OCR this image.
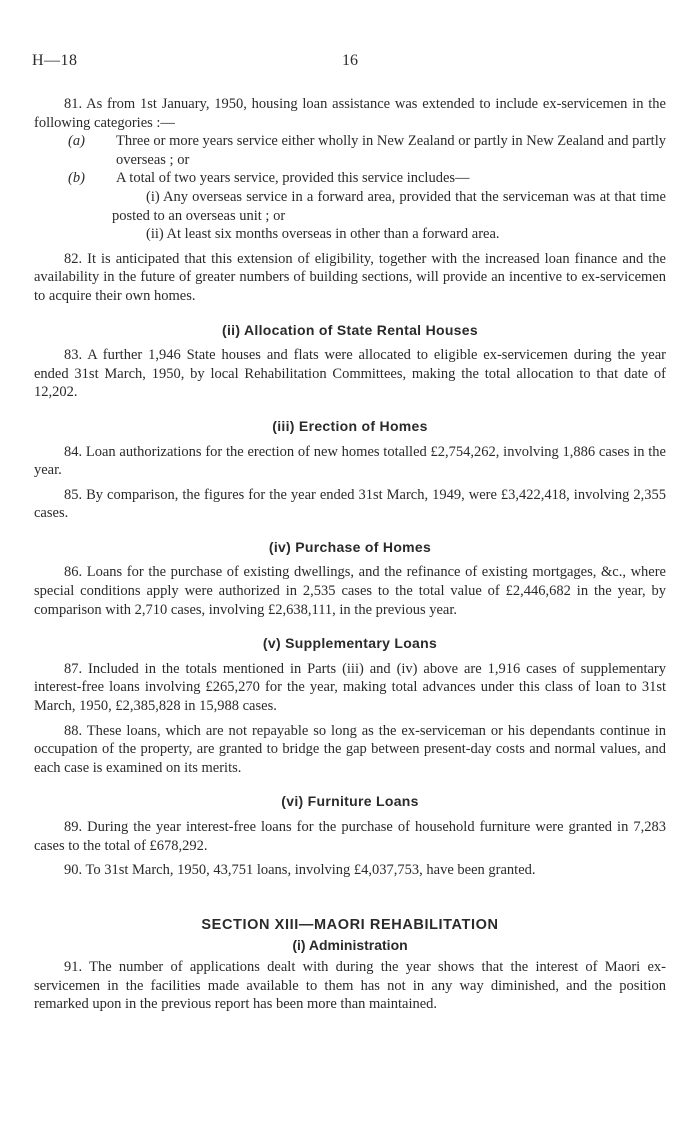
H—18	16

81. As from 1st January, 1950, housing loan assistance was extended to include ex-servicemen in the following categories :—

(a) Three or more years service either wholly in New Zealand or partly in New Zealand and partly overseas ; or

(b) A total of two years service, provided this service includes—

(i) Any overseas service in a forward area, provided that the serviceman was at that time posted to an overseas unit ; or

(ii) At least six months overseas in other than a forward area.

82. It is anticipated that this extension of eligibility, together with the increased loan finance and the availability in the future of greater numbers of building sections, will provide an incentive to ex-servicemen to acquire their own homes.

(ii) Allocation of State Rental Houses

83. A further 1,946 State houses and flats were allocated to eligible ex-servicemen during the year ended 31st March, 1950, by local Rehabilitation Committees, making the total allocation to that date of 12,202.

(iii) Erection of Homes

84. Loan authorizations for the erection of new homes totalled £2,754,262, involving 1,886 cases in the year.

85. By comparison, the figures for the year ended 31st March, 1949, were £3,422,418, involving 2,355 cases.

(iv) Purchase of Homes

86. Loans for the purchase of existing dwellings, and the refinance of existing mortgages, &c., where special conditions apply were authorized in 2,535 cases to the total value of £2,446,682 in the year, by comparison with 2,710 cases, involving £2,638,111, in the previous year.

(v) Supplementary Loans

87. Included in the totals mentioned in Parts (iii) and (iv) above are 1,916 cases of supplementary interest-free loans involving £265,270 for the year, making total advances under this class of loan to 31st March, 1950, £2,385,828 in 15,988 cases.

88. These loans, which are not repayable so long as the ex-serviceman or his dependants continue in occupation of the property, are granted to bridge the gap between present-day costs and normal values, and each case is examined on its merits.

(vi) Furniture Loans

89. During the year interest-free loans for the purchase of household furniture were granted in 7,283 cases to the total of £678,292.

90. To 31st March, 1950, 43,751 loans, involving £4,037,753, have been granted.

SECTION XIII—MAORI REHABILITATION
(i) Administration

91. The number of applications dealt with during the year shows that the interest of Maori ex-servicemen in the facilities made available to them has not in any way diminished, and the position remarked upon in the previous report has been more than maintained.
